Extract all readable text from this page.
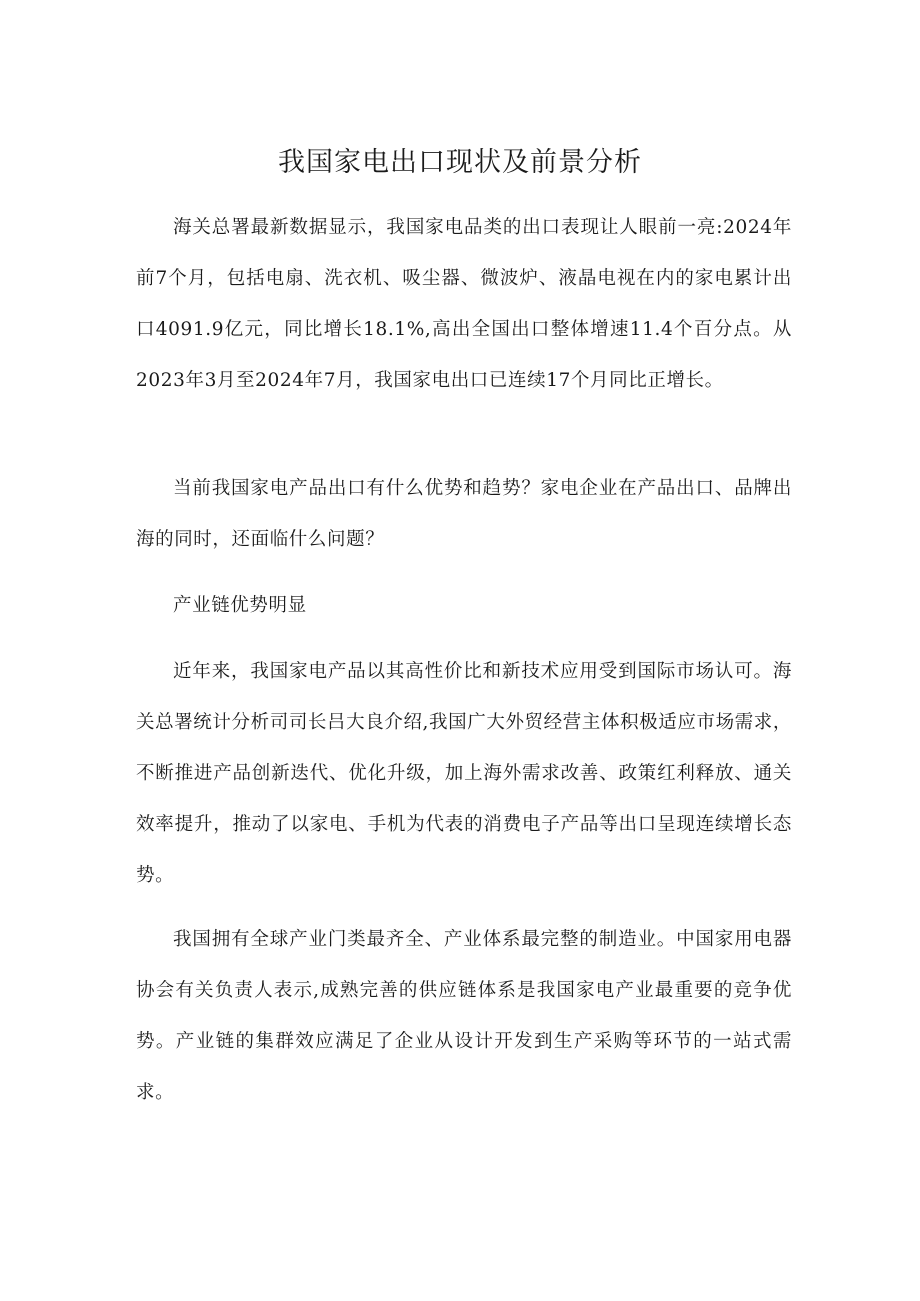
我国家电出口现状及前景分析

海关总署最新数据显示，我国家电品类的出口表现让人眼前一亮:2024年前7个月，包括电扇、洗衣机、吸尘器、微波炉、液晶电视在内的家电累计出口4091.9亿元，同比增长18.1%,高出全国出口整体增速11.4个百分点。从2023年3月至2024年7月，我国家电出口已连续17个月同比正增长。

当前我国家电产品出口有什么优势和趋势？家电企业在产品出口、品牌出海的同时，还面临什么问题？

产业链优势明显

近年来，我国家电产品以其高性价比和新技术应用受到国际市场认可。海关总署统计分析司司长吕大良介绍,我国广大外贸经营主体积极适应市场需求，不断推进产品创新迭代、优化升级，加上海外需求改善、政策红利释放、通关效率提升，推动了以家电、手机为代表的消费电子产品等出口呈现连续增长态势。

我国拥有全球产业门类最齐全、产业体系最完整的制造业。中国家用电器协会有关负责人表示,成熟完善的供应链体系是我国家电产业最重要的竞争优势。产业链的集群效应满足了企业从设计开发到生产采购等环节的一站式需求。
